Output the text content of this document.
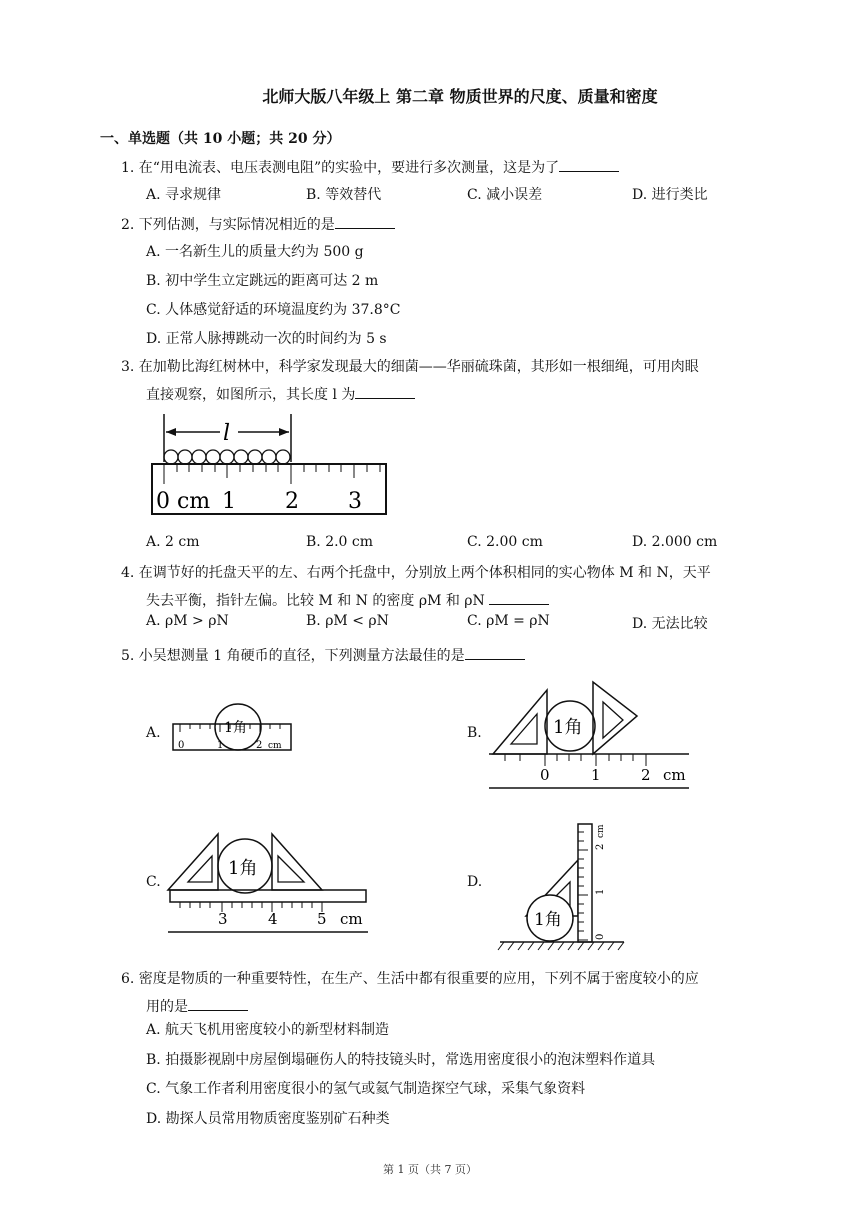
北师大版八年级上 第二章 物质世界的尺度、质量和密度
一、单选题（共 10 小题；共 20 分）
1. 在“用电流表、电压表测电阻”的实验中，要进行多次测量，这是为了
A. 寻求规律	B. 等效替代	C. 减小误差	D. 进行类比
2. 下列估测，与实际情况相近的是
A. 一名新生儿的质量大约为 500 g
B. 初中学生立定跳远的距离可达 2 m
C. 人体感觉舒适的环境温度约为 37.8°C
D. 正常人脉搏跳动一次的时间约为 5 s
3. 在加勒比海红树林中，科学家发现最大的细菌——华丽硫珠菌，其形如一根细绳，可用肉眼
直接观察，如图所示，其长度 l 为
l
0 cm 1 2 3
A. 2 cm	B. 2.0 cm	C. 2.00 cm	D. 2.000 cm
4. 在调节好的托盘天平的左、右两个托盘中，分别放上两个体积相同的实心物体 M 和 N，天平
失去平衡，指针左偏。比较 M 和 N 的密度 ρM 和 ρN
A. ρM > ρN	B. ρM < ρN	C. ρM = ρN	D. 无法比较
5. 小吴想测量 1 角硬币的直径，下列测量方法最佳的是
A.	1角
0	1	2 cm
B.	1角
0	1	2 cm
C.
1角
3	4	5 cm
D.
1角
0
1
2
cm
6. 密度是物质的一种重要特性，在生产、生活中都有很重要的应用，下列不属于密度较小的应
用的是
A. 航天飞机用密度较小的新型材料制造
B. 拍摄影视剧中房屋倒塌砸伤人的特技镜头时，常选用密度很小的泡沫塑料作道具
C. 气象工作者利用密度很小的氢气或氦气制造探空气球，采集气象资料
D. 勘探人员常用物质密度鉴别矿石种类
第 1 页（共 7 页）
